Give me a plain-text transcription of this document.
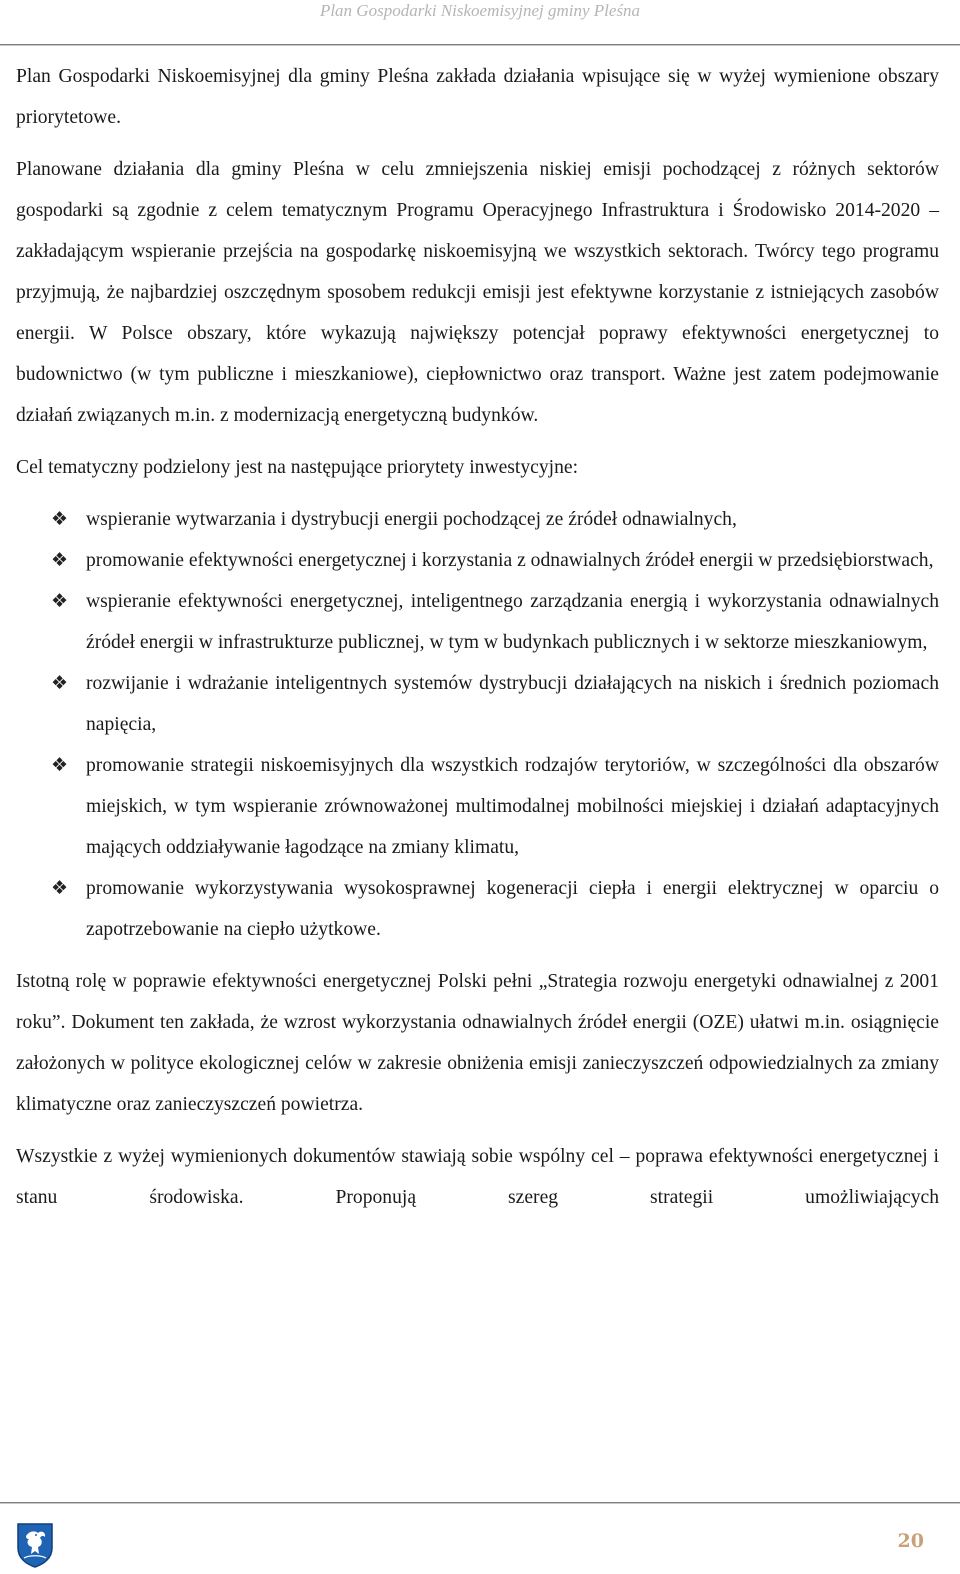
Plan Gospodarki Niskoemisyjnej gminy Pleśna

Plan Gospodarki Niskoemisyjnej dla gminy Pleśna zakłada działania wpisujące się w wyżej wymienione obszary priorytetowe.

Planowane działania dla gminy Pleśna w celu zmniejszenia niskiej emisji pochodzącej z różnych sektorów gospodarki są zgodnie z celem tematycznym Programu Operacyjnego Infrastruktura i Środowisko 2014-2020 – zakładającym wspieranie przejścia na gospodarkę niskoemisyjną we wszystkich sektorach. Twórcy tego programu przyjmują, że najbardziej oszczędnym sposobem redukcji emisji jest efektywne korzystanie z istniejących zasobów energii. W Polsce obszary, które wykazują największy potencjał poprawy efektywności energetycznej to budownictwo (w tym publiczne i mieszkaniowe), ciepłownictwo oraz transport. Ważne jest zatem podejmowanie działań związanych m.in. z modernizacją energetyczną budynków.

Cel tematyczny podzielony jest na następujące priorytety inwestycyjne:

❖ wspieranie wytwarzania i dystrybucji energii pochodzącej ze źródeł odnawialnych,
❖ promowanie efektywności energetycznej i korzystania z odnawialnych źródeł energii w przedsiębiorstwach,
❖ wspieranie efektywności energetycznej, inteligentnego zarządzania energią i wykorzystania odnawialnych źródeł energii w infrastrukturze publicznej, w tym w budynkach publicznych i w sektorze mieszkaniowym,
❖ rozwijanie i wdrażanie inteligentnych systemów dystrybucji działających na niskich i średnich poziomach napięcia,
❖ promowanie strategii niskoemisyjnych dla wszystkich rodzajów terytoriów, w szczególności dla obszarów miejskich, w tym wspieranie zrównoważonej multimodalnej mobilności miejskiej i działań adaptacyjnych mających oddziaływanie łagodzące na zmiany klimatu,
❖ promowanie wykorzystywania wysokosprawnej kogeneracji ciepła i energii elektrycznej w oparciu o zapotrzebowanie na ciepło użytkowe.

Istotną rolę w poprawie efektywności energetycznej Polski pełni „Strategia rozwoju energetyki odnawialnej z 2001 roku”. Dokument ten zakłada, że wzrost wykorzystania odnawialnych źródeł energii (OZE) ułatwi m.in. osiągnięcie założonych w polityce ekologicznej celów w zakresie obniżenia emisji zanieczyszczeń odpowiedzialnych za zmiany klimatyczne oraz zanieczyszczeń powietrza.

Wszystkie z wyżej wymienionych dokumentów stawiają sobie wspólny cel – poprawa efektywności energetycznej i stanu środowiska. Proponują szereg strategii umożliwiających

20
